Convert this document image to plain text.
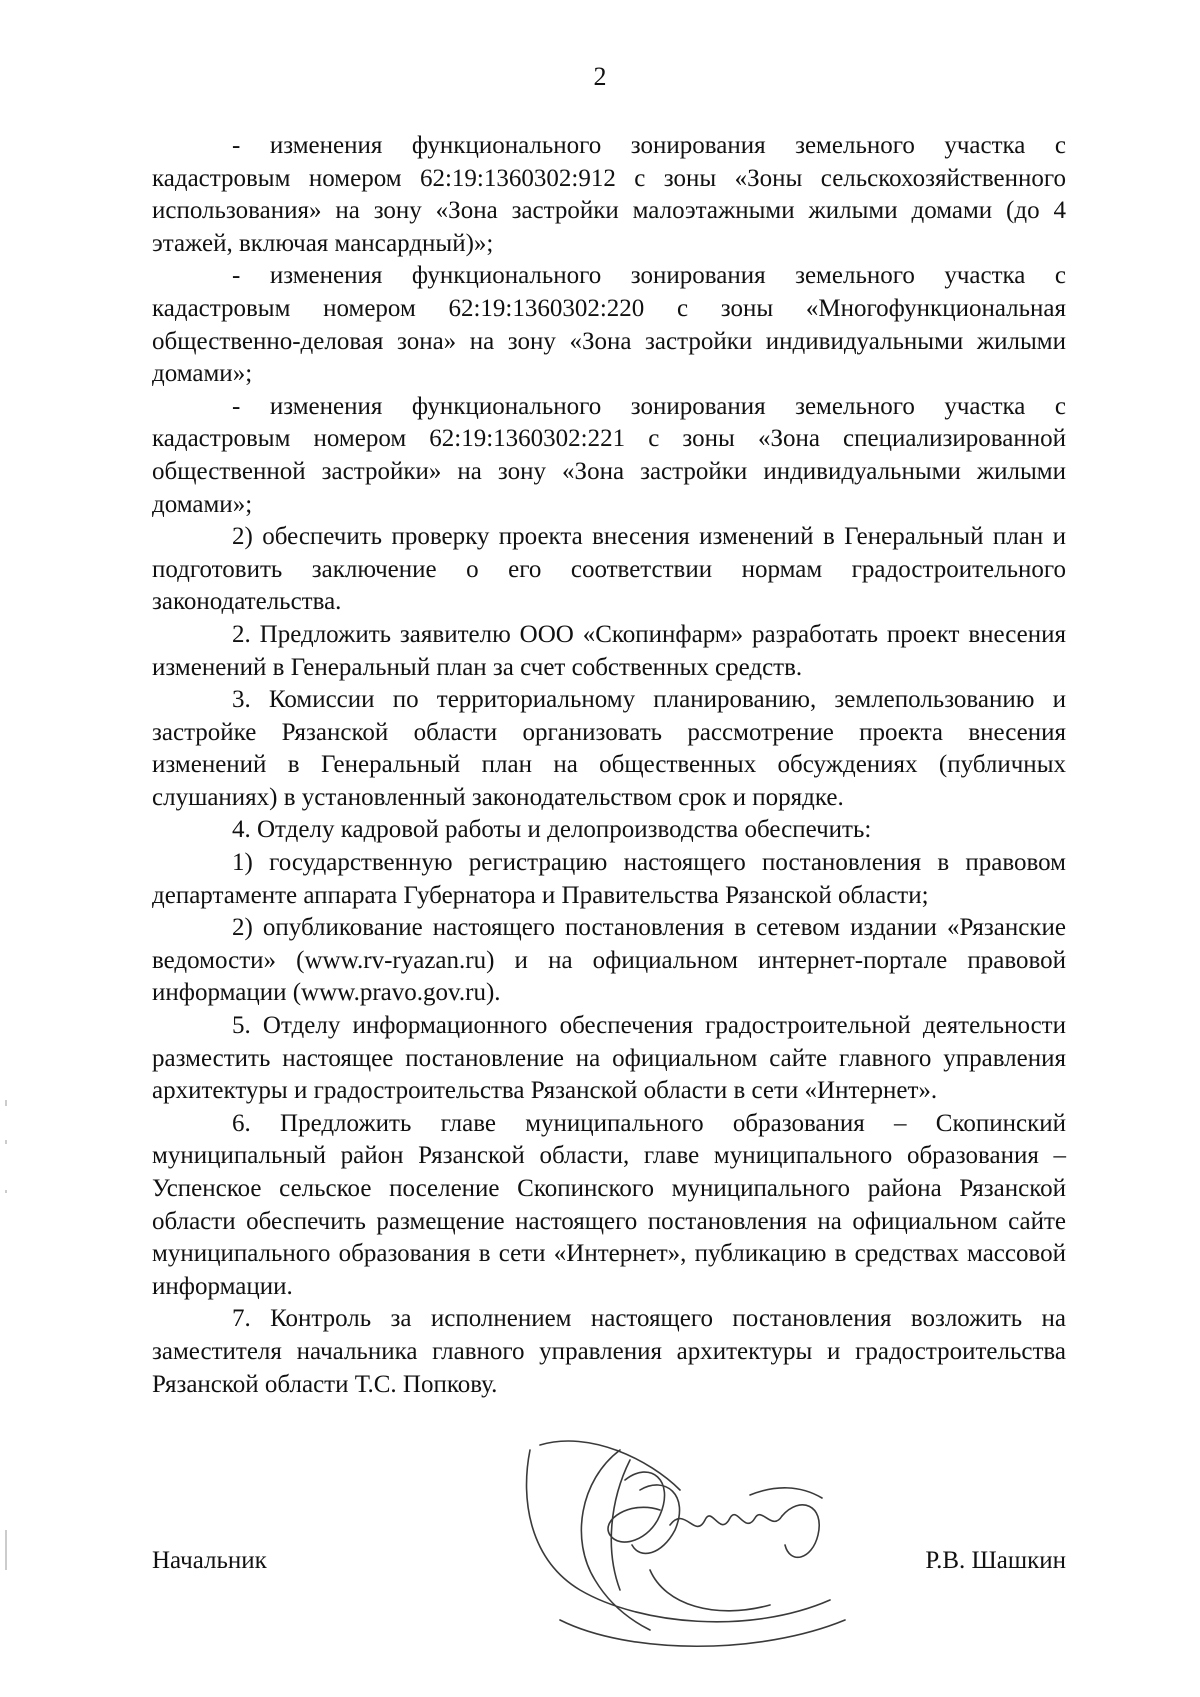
2

- изменения функционального зонирования земельного участка с кадастровым номером 62:19:1360302:912 с зоны «Зоны сельскохозяйственного использования» на зону «Зона застройки малоэтажными жилыми домами (до 4 этажей, включая мансардный)»;

- изменения функционального зонирования земельного участка с кадастровым номером 62:19:1360302:220 с зоны «Многофункциональная общественно-деловая зона» на зону «Зона застройки индивидуальными жилыми домами»;

- изменения функционального зонирования земельного участка с кадастровым номером 62:19:1360302:221 с зоны «Зона специализированной общественной застройки» на зону «Зона застройки индивидуальными жилыми домами»;

2) обеспечить проверку проекта внесения изменений в Генеральный план и подготовить заключение о его соответствии нормам градостроительного законодательства.

2. Предложить заявителю ООО «Скопинфарм» разработать проект внесения изменений в Генеральный план за счет собственных средств.

3. Комиссии по территориальному планированию, землепользованию и застройке Рязанской области организовать рассмотрение проекта внесения изменений в Генеральный план на общественных обсуждениях (публичных слушаниях) в установленный законодательством срок и порядке.

4. Отделу кадровой работы и делопроизводства обеспечить:

1) государственную регистрацию настоящего постановления в правовом департаменте аппарата Губернатора и Правительства Рязанской области;

2) опубликование настоящего постановления в сетевом издании «Рязанские ведомости» (www.rv-ryazan.ru) и на официальном интернет-портале правовой информации (www.pravo.gov.ru).

5. Отделу информационного обеспечения градостроительной деятельности разместить настоящее постановление на официальном сайте главного управления архитектуры и градостроительства Рязанской области в сети «Интернет».

6. Предложить главе муниципального образования – Скопинский муниципальный район Рязанской области, главе муниципального образования – Успенское сельское поселение Скопинского муниципального района Рязанской области обеспечить размещение настоящего постановления на официальном сайте муниципального образования в сети «Интернет», публикацию в средствах массовой информации.

7. Контроль за исполнением настоящего постановления возложить на заместителя начальника главного управления архитектуры и градостроительства Рязанской области Т.С. Попкову.

Начальник	Р.В. Шашкин
